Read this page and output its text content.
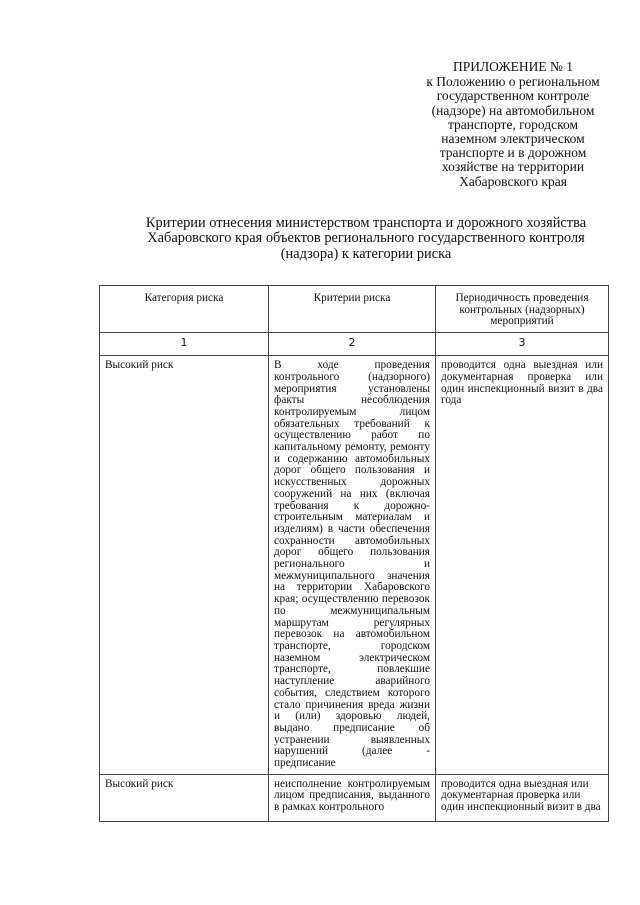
ПРИЛОЖЕНИЕ № 1
к Положению о региональном
государственном контроле
(надзоре) на автомобильном
транспорте, городском
наземном электрическом
транспорте и в дорожном
хозяйстве на территории
Хабаровского края
Критерии отнесения министерством транспорта и дорожного хозяйства
Хабаровского края объектов регионального государственного контроля
(надзора) к категории риска
Категория риска	Критерии риска	Периодичность проведения контрольных (надзорных) мероприятий
1	2	3
Высокий риск	В ходе проведения контрольного (надзорного) мероприятия установлены факты несоблюдения контролируемым лицом обязательных требований к осуществлению работ по капитальному ремонту, ремонту и содержанию автомобильных дорог общего пользования и искусственных дорожных сооружений на них (включая требования к дорожно-строительным материалам и изделиям) в части обеспечения сохранности автомобильных дорог общего пользования регионального и межмуниципального значения на территории Хабаровского края; осуществлению перевозок по межмуниципальным маршрутам регулярных перевозок на автомобильном транспорте, городском наземном электрическом транспорте, повлекшие наступление аварийного события, следствием которого стало причинения вреда жизни и (или) здоровью людей, выдано предписание об устранении выявленных нарушений (далее - предписание	проводится одна выездная или документарная проверка или один инспекционный визит в два года
Высокий риск	неисполнение контролируемым лицом предписания, выданного в рамках контрольного	проводится одна выездная или документарная проверка или один инспекционный визит в два
